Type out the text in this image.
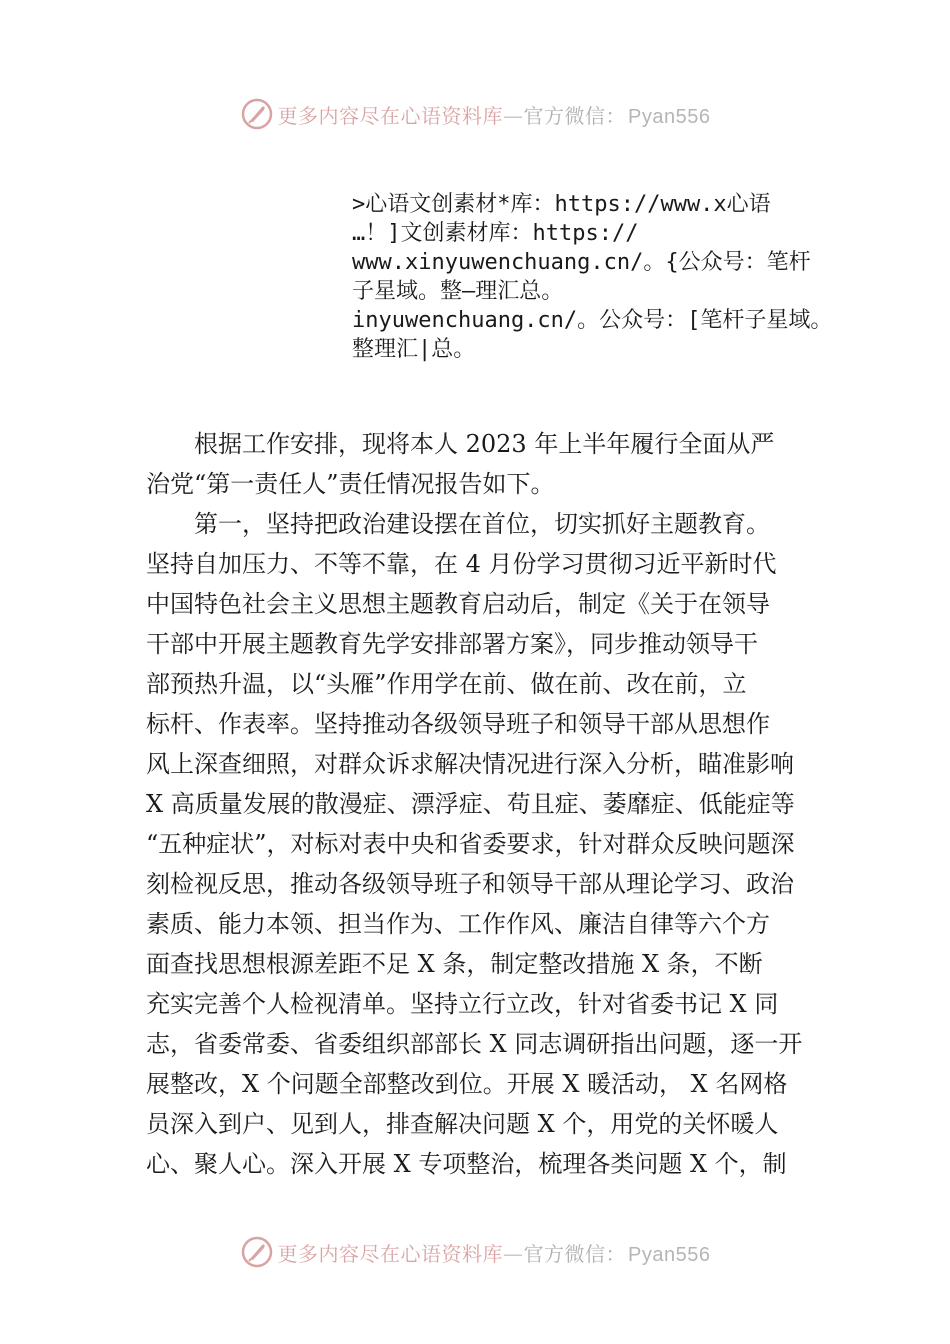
更多内容尽在心语资料库—官方微信： Pyan556
>心语文创素材*库：https://www.x心语
…！]文创素材库：https://
www.xinyuwenchuang.cn/。{公众号：笔杆
子星域。整—理汇总。
inyuwenchuang.cn/。公众号：[笔杆子星域。
整理汇|总。
根据工作安排，现将本人 2023 年上半年履行全面从严
治党“第一责任人”责任情况报告如下。
第一，坚持把政治建设摆在首位，切实抓好主题教育。
坚持自加压力、不等不靠，在 4 月份学习贯彻习近平新时代
中国特色社会主义思想主题教育启动后，制定《关于在领导
干部中开展主题教育先学安排部署方案》，同步推动领导干
部预热升温，以“头雁”作用学在前、做在前、改在前，立
标杆、作表率。坚持推动各级领导班子和领导干部从思想作
风上深查细照，对群众诉求解决情况进行深入分析，瞄准影响
X 高质量发展的散漫症、漂浮症、苟且症、萎靡症、低能症等
“五种症状”，对标对表中央和省委要求，针对群众反映问题深
刻检视反思，推动各级领导班子和领导干部从理论学习、政治
素质、能力本领、担当作为、工作作风、廉洁自律等六个方
面查找思想根源差距不足 X 条，制定整改措施 X 条，不断
充实完善个人检视清单。坚持立行立改，针对省委书记 X 同
志，省委常委、省委组织部部长 X 同志调研指出问题，逐一开
展整改，X 个问题全部整改到位。开展 X 暖活动， X 名网格
员深入到户、见到人，排查解决问题 X 个，用党的关怀暖人
心、聚人心。深入开展 X 专项整治，梳理各类问题 X 个，制
更多内容尽在心语资料库—官方微信： Pyan556
